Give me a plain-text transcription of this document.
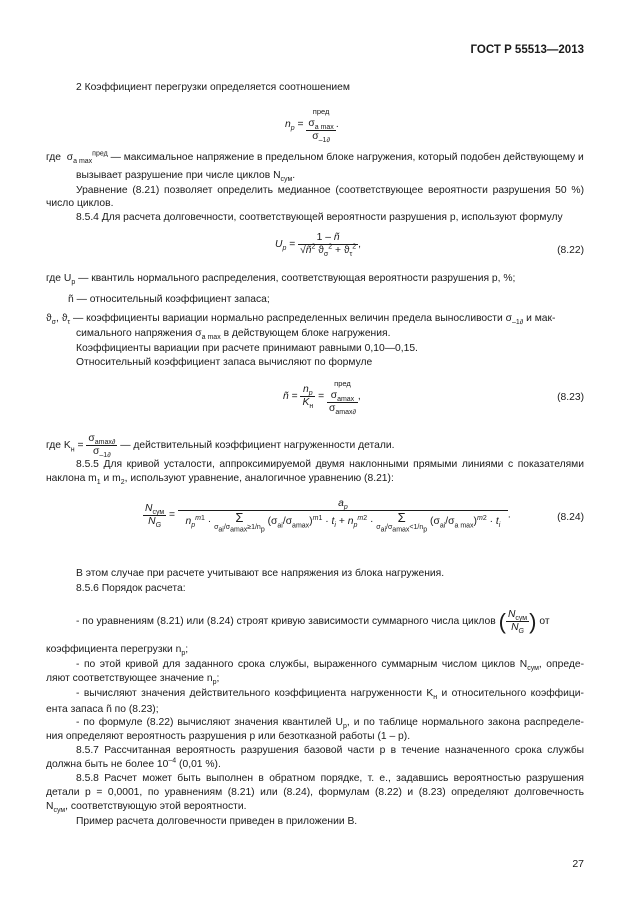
ГОСТ Р 55513—2013
2 Коэффициент перегрузки определяется соотношением
$n_p$ =
пред
$\sigma_{a max}$
$\sigma_{-1\partial}$
.
где  $\sigma_{a max}^{пред}$ — максимальное напряжение в предельном блоке нагружения, который подобен действующему и
вызывает разрушение при числе циклов $N_{сум}$.
Уравнение (8.21) позволяет определить медианное (соответствующее вероятности разрушения 50 %)
число циклов.
8.5.4 Для расчета долговечности, соответствующей вероятности разрушения p, используют формулу
$U_p = \frac{1 - ñ}{√ñ^2 ϑ_\sigma^2 + ϑ_\tau^2}$ ,
(8.22)
где $U_p$ — квантиль нормального распределения, соответствующая вероятности разрушения p, %;
ñ — относительный коэффициент запаса;
$ϑ_\sigma$, $ϑ_\tau$ — коэффициенты вариации нормально распределенных величин предела выносливости $\sigma_{-1\partial}$ и мак-
симального напряжения $\sigma_{a max}$ в действующем блоке нагружения.
Коэффициенты вариации при расчете принимают равными 0,10—0,15.
Относительный коэффициент запаса вычисляют по формуле
ñ = $\frac{n_p}{K_н}$ =
пред
$\sigma_{amax}$
$\sigma_{amax\partial}$
,	(8.23)
где $K_н = \frac{\sigma_{amax\partial}}{\sigma_{-1\partial}}$ — действительный коэффициент нагруженности детали.
8.5.5 Для кривой усталости, аппроксимируемой двумя наклонными прямыми линиями с показателями
наклона $m_1$ и $m_2$, используют уравнение, аналогичное уравнению (8.21):
$\frac{N_{сум}}{N_G}$ =
$a_p$
$n_p^{m1}$ ·	Σ
$\sigma_{ai}/\sigma_{amax}\ge 1/n_p$ $(\sigma_{ai}/\sigma_{amax})^{m1} \cdot t_i + n_p^{m2}$ ·	Σ
$\sigma_{ai}/\sigma_{amax}<1/n_p$ $(\sigma_{ai}/\sigma_{a max})^{m2} \cdot t_i$
.	(8.24)
В этом случае при расчете учитывают все напряжения из блока нагружения.
8.5.6 Порядок расчета:
- по уравнениям (8.21) или (8.24) строят кривую зависимости суммарного числа циклов ( $\frac{N_{сум}}{N_G}$ ) от
коэффициента перегрузки $n_p$;
- по этой кривой для заданного срока службы, выраженного суммарным числом циклов $N_{сум}$, опреде-
ляют соответствующее значение $n_p$;
- вычисляют значения действительного коэффициента нагруженности $K_н$ и относительного коэффици-
ента запаса ñ по (8.23);
- по формуле (8.22) вычисляют значения квантилей $U_p$, и по таблице нормального закона распределе-
ния определяют вероятность разрушения p или безотказной работы (1 – p).
8.5.7 Рассчитанная вероятность разрушения базовой части p в течение назначенного срока службы
должна быть не более $10^{-4}$ (0,01 %).
8.5.8 Расчет может быть выполнен в обратном порядке, т. е., задавшись вероятностью разрушения
детали p = 0,0001, по уравнениям (8.21) или (8.24), формулам (8.22) и (8.23) определяют долговечность
$N_{сум}$, соответствующую этой вероятности.
Пример расчета долговечности приведен в приложении В.
27
